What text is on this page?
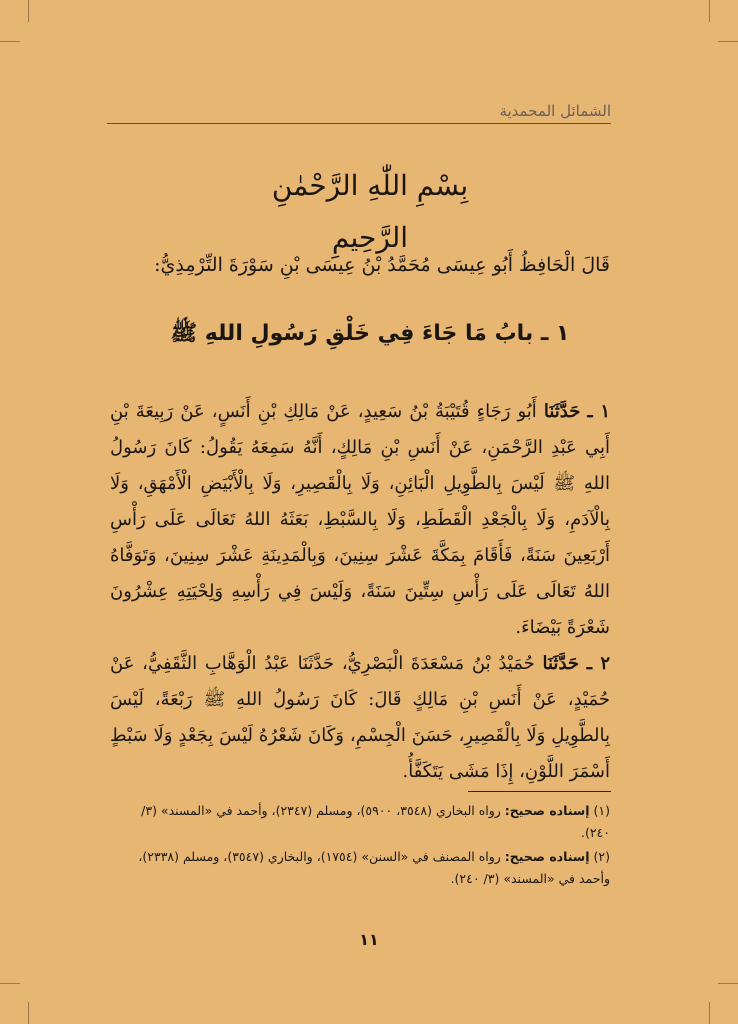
الشمائل المحمدية
بِسْمِ اللّٰهِ الرَّحْمٰنِ الرَّحِيمِ
قَالَ الْحَافِظُ أَبُو عِيسَى مُحَمَّدُ بْنُ عِيسَى بْنِ سَوْرَةَ التِّرْمِذِيُّ:
١ ـ بابُ مَا جَاءَ فِي خَلْقِ رَسُولِ اللهِ ﷺ

١ ـ حَدَّثَنَا أَبُو رَجَاءٍ قُتَيْبَةُ بْنُ سَعِيدٍ، عَنْ مَالِكِ بْنِ أَنَسٍ، عَنْ رَبِيعَةَ بْنِ أَبِي عَبْدِ الرَّحْمَنِ، عَنْ أَنَسِ بْنِ مَالِكٍ، أَنَّهُ سَمِعَهُ يَقُولُ: كَانَ رَسُولُ اللهِ ﷺ لَيْسَ بِالطَّوِيلِ الْبَائِنِ، وَلَا بِالْقَصِيرِ، وَلَا بِالْأَبْيَضِ الْأَمْهَقِ، وَلَا بِالْآدَمِ، وَلَا بِالْجَعْدِ الْقَطَطِ، وَلَا بِالسَّبْطِ، بَعَثَهُ اللهُ تَعَالَى عَلَى رَأْسِ أَرْبَعِينَ سَنَةً، فَأَقَامَ بِمَكَّةَ عَشْرَ سِنِينَ، وَبِالْمَدِينَةِ عَشْرَ سِنِينَ، وَتَوَفَّاهُ اللهُ تَعَالَى عَلَى رَأْسِ سِتِّينَ سَنَةً، وَلَيْسَ فِي رَأْسِهِ وَلِحْيَتِهِ عِشْرُونَ شَعْرَةً بَيْضَاءَ.

٢ ـ حَدَّثَنَا حُمَيْدُ بْنُ مَسْعَدَةَ الْبَصْرِيُّ، حَدَّثَنَا عَبْدُ الْوَهَّابِ الثَّقَفِيُّ، عَنْ حُمَيْدٍ، عَنْ أَنَسِ بْنِ مَالِكٍ قَالَ: كَانَ رَسُولُ اللهِ ﷺ رَبْعَةً، لَيْسَ بِالطَّوِيلِ وَلَا بِالْقَصِيرِ، حَسَنَ الْجِسْمِ، وَكَانَ شَعْرُهُ لَيْسَ بِجَعْدٍ وَلَا سَبْطٍ أَسْمَرَ اللَّوْنِ، إِذَا مَشَى يَتَكَفَّأُ.

(١) إسناده صحيح: رواه البخاري (٣٥٤٨، ٥٩٠٠)، ومسلم (٢٣٤٧)، وأحمد في «المسند» (٣/ ٢٤٠).

(٢) إسناده صحيح: رواه المصنف في «السنن» (١٧٥٤)، والبخاري (٣٥٤٧)، ومسلم (٢٣٣٨)، وأحمد في «المسند» (٣/ ٢٤٠).

١١
